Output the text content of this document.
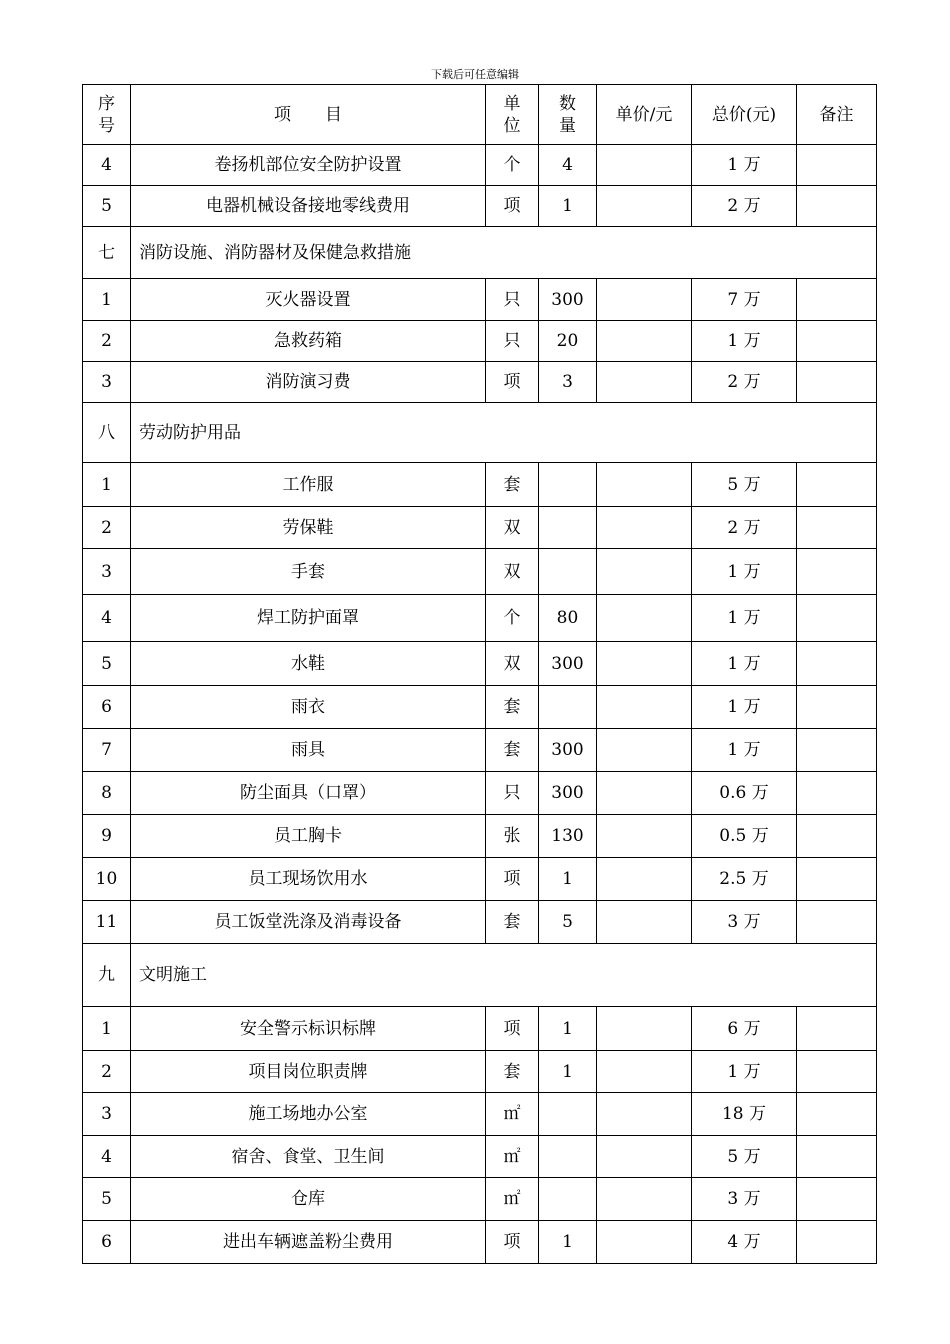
下载后可任意编辑
序号	项　　目	单位	数量	单价/元	总价(元)	备注
4	卷扬机部位安全防护设置	个	4		1 万	
5	电器机械设备接地零线费用	项	1		2 万	
七	消防设施、消防器材及保健急救措施					
1	灭火器设置	只	300		7 万	
2	急救药箱	只	20		1 万	
3	消防演习费	项	3		2 万	
八	劳动防护用品					
1	工作服	套			5 万	
2	劳保鞋	双			2 万	
3	手套	双			1 万	
4	焊工防护面罩	个	80		1 万	
5	水鞋	双	300		1 万	
6	雨衣	套			1 万	
7	雨具	套	300		1 万	
8	防尘面具（口罩）	只	300		0.6 万	
9	员工胸卡	张	130		0.5 万	
10	员工现场饮用水	项	1		2.5 万	
11	员工饭堂洗涤及消毒设备	套	5		3 万	
九	文明施工					
1	安全警示标识标牌	项	1		6 万	
2	项目岗位职责牌	套	1		1 万	
3	施工场地办公室	㎡			18 万	
4	宿舍、食堂、卫生间	㎡			5 万	
5	仓库	㎡			3 万	
6	进出车辆遮盖粉尘费用	项	1		4 万	
